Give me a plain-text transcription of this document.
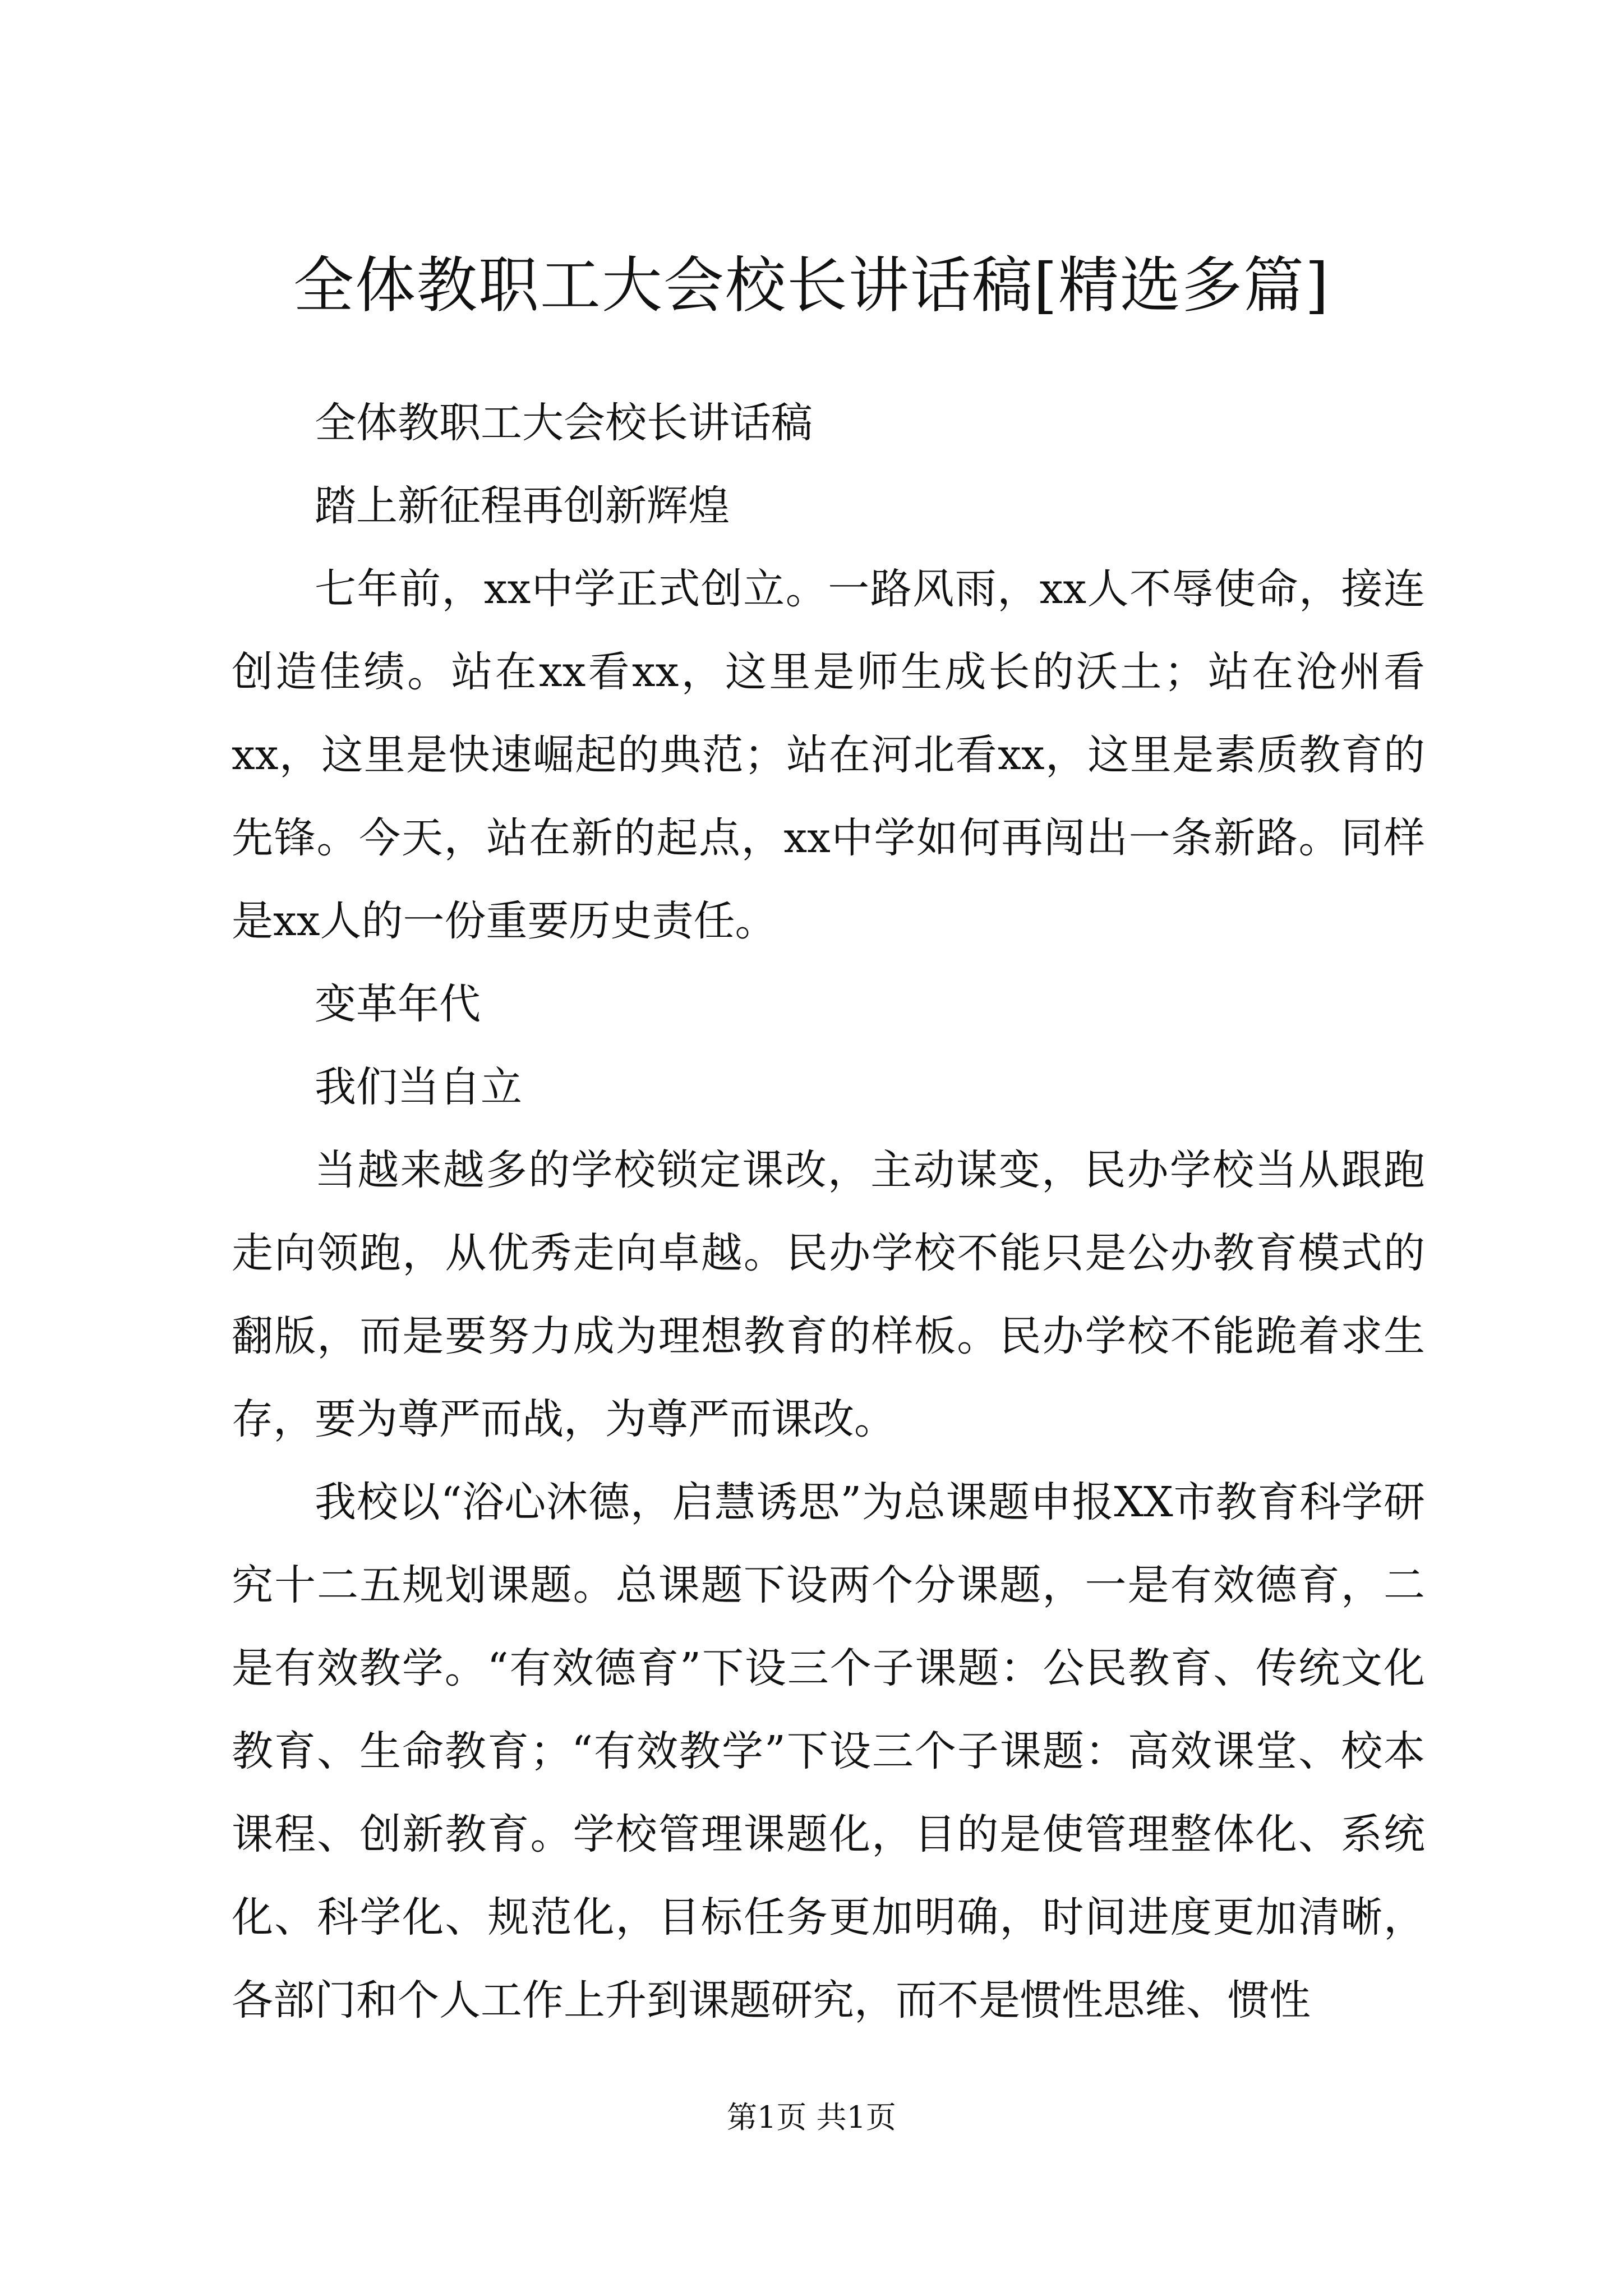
全体教职工大会校长讲话稿[精选多篇]

全体教职工大会校长讲话稿

踏上新征程再创新辉煌

七年前，xx中学正式创立。一路风雨，xx人不辱使命，接连创造佳绩。站在xx看xx，这里是师生成长的沃土；站在沧州看xx，这里是快速崛起的典范；站在河北看xx，这里是素质教育的先锋。今天，站在新的起点，xx中学如何再闯出一条新路。同样是xx人的一份重要历史责任。

变革年代

我们当自立

当越来越多的学校锁定课改，主动谋变，民办学校当从跟跑走向领跑，从优秀走向卓越。民办学校不能只是公办教育模式的翻版，而是要努力成为理想教育的样板。民办学校不能跪着求生存，要为尊严而战，为尊严而课改。

我校以“浴心沐德，启慧诱思”为总课题申报XX市教育科学研究十二五规划课题。总课题下设两个分课题，一是有效德育，二是有效教学。“有效德育”下设三个子课题：公民教育、传统文化教育、生命教育；“有效教学”下设三个子课题：高效课堂、校本课程、创新教育。学校管理课题化，目的是使管理整体化、系统化、科学化、规范化，目标任务更加明确，时间进度更加清晰，各部门和个人工作上升到课题研究，而不是惯性思维、惯性

第1页 共1页
